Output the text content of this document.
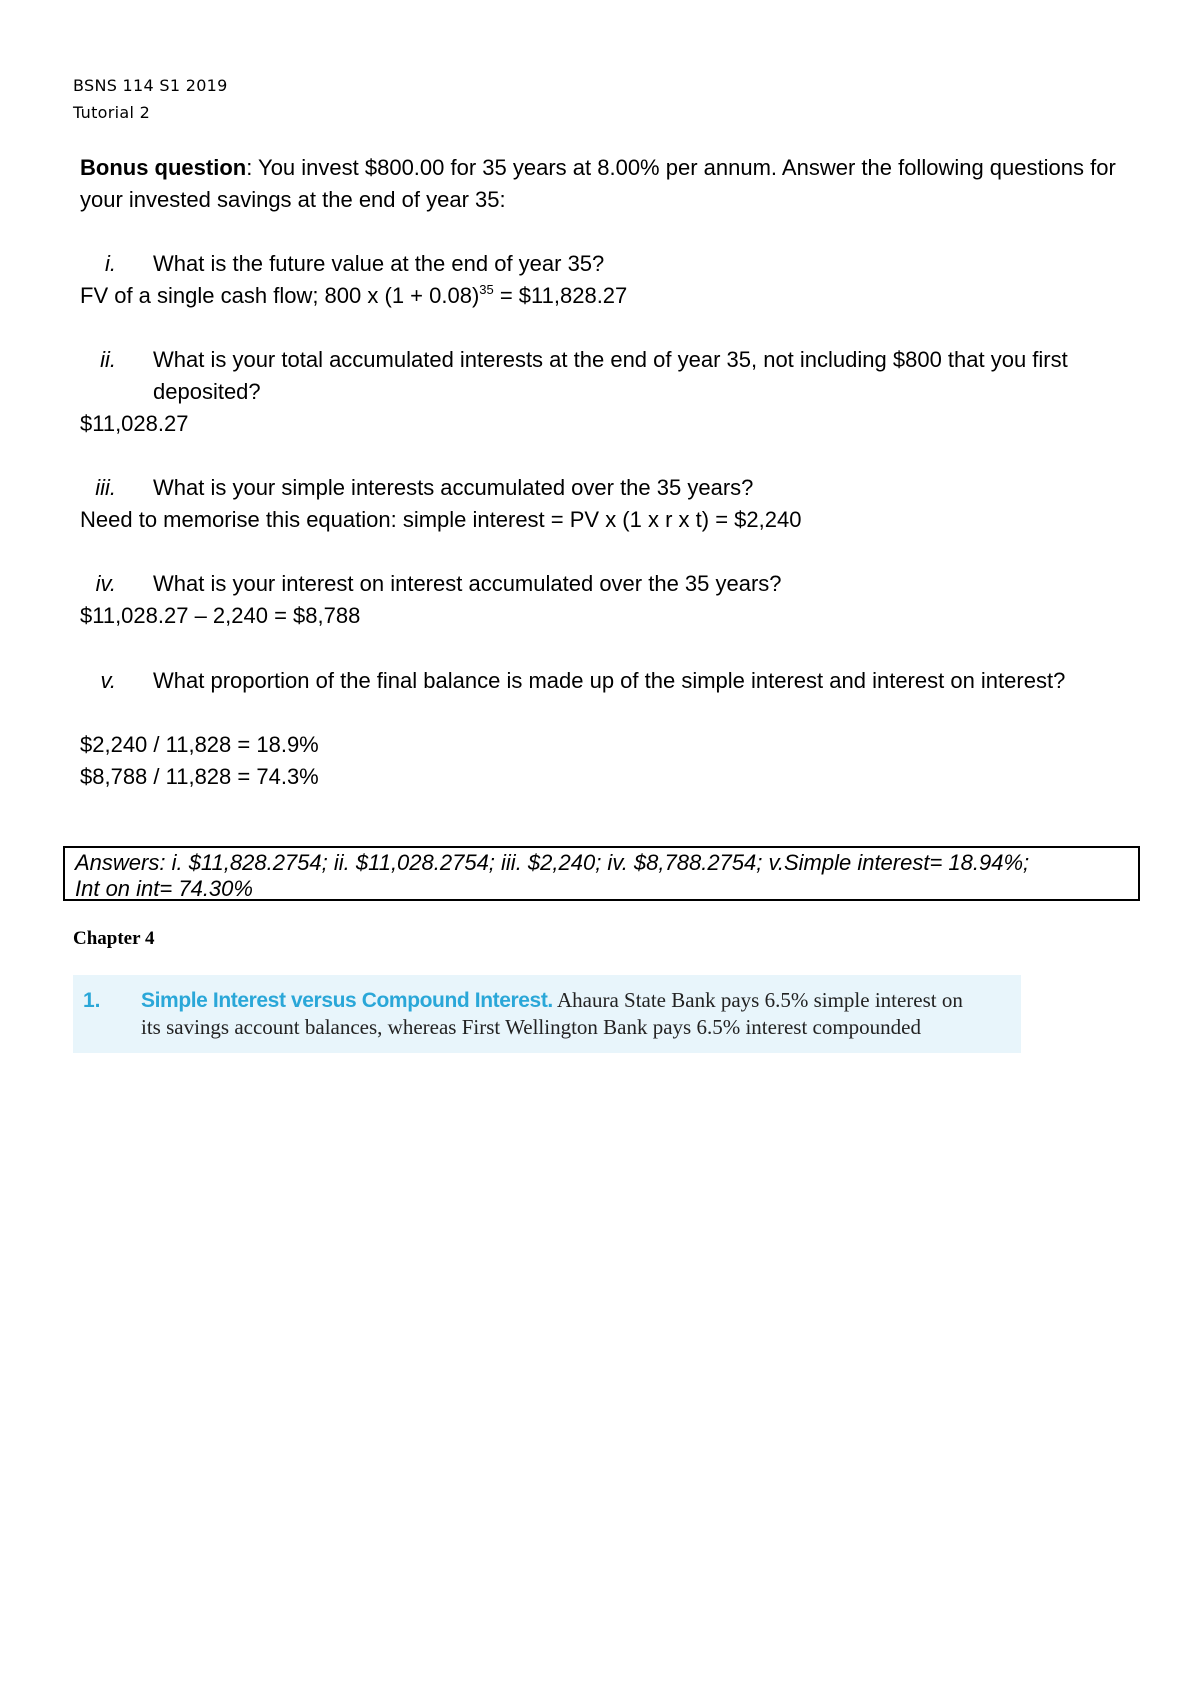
BSNS 114 S1 2019
Tutorial 2
Bonus question: You invest $800.00 for 35 years at 8.00% per annum. Answer the following questions for your invested savings at the end of year 35:
i. What is the future value at the end of year 35?
FV of a single cash flow; 800 x $(1 + 0.08)^{35}$ = $11,828.27
ii. What is your total accumulated interests at the end of year 35, not including $800 that you first deposited?
$11,028.27
iii. What is your simple interests accumulated over the 35 years?
Need to memorise this equation: simple interest = PV x (1 x r x t) = $2,240
iv. What is your interest on interest accumulated over the 35 years?
$11,028.27 – 2,240 = $8,788
v. What proportion of the final balance is made up of the simple interest and interest on interest?
$2,240 / 11,828 = 18.9%
$8,788 / 11,828 = 74.3%
Answers: i. $11,828.2754; ii. $11,028.2754; iii. $2,240; iv. $8,788.2754; v.Simple interest= 18.94%;
Int on int= 74.30%
Chapter 4
1. Simple Interest versus Compound Interest. Ahaura State Bank pays 6.5% simple interest on
its savings account balances, whereas First Wellington Bank pays 6.5% interest compounded
